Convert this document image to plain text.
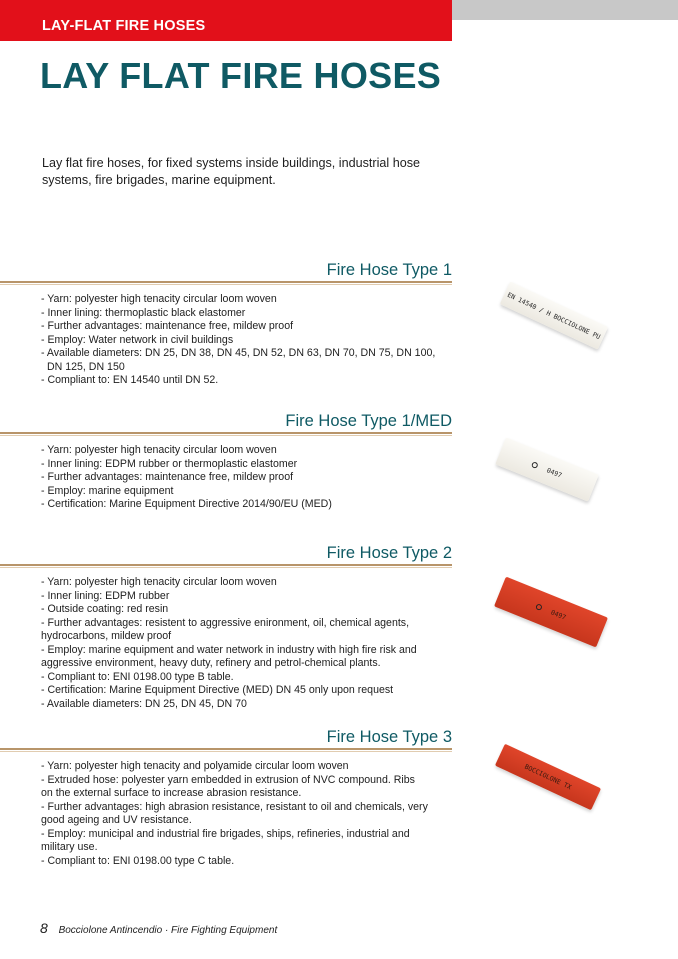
LAY-FLAT FIRE HOSES
LAY FLAT FIRE HOSES
Lay flat fire hoses, for fixed systems inside buildings, industrial hose systems, fire brigades, marine equipment.
Fire Hose Type 1
- Yarn: polyester high tenacity circular loom woven
- Inner lining: thermoplastic black elastomer
- Further advantages: maintenance free, mildew proof
- Employ: Water network in civil buildings
- Available diameters: DN 25, DN 38, DN 45, DN 52, DN 63, DN 70, DN 75, DN 100,
DN 125, DN 150
- Compliant to: EN 14540 until DN 52.
EN 14540 / H BOCCIOLONE PU
Fire Hose Type 1/MED
- Yarn: polyester high tenacity circular loom woven
- Inner lining: EDPM rubber or thermoplastic elastomer
- Further advantages: maintenance free, mildew proof
- Employ: marine equipment
- Certification: Marine Equipment Directive 2014/90/EU (MED)
0497
Fire Hose Type 2
- Yarn: polyester high tenacity circular loom woven
- Inner lining: EDPM rubber
- Outside coating: red resin
- Further advantages: resistent to aggressive enironment, oil, chemical agents,
hydrocarbons, mildew proof
- Employ: marine equipment and water network in industry with high fire risk and
aggressive environment, heavy duty, refinery and petrol-chemical plants.
- Compliant to: ENI 0198.00 type B table.
- Certification: Marine Equipment Directive (MED) DN 45 only upon request
- Available diameters: DN 25, DN 45, DN 70
0497
Fire Hose Type 3
- Yarn: polyester high tenacity and polyamide circular loom woven
- Extruded hose: polyester yarn embedded in extrusion of NVC compound. Ribs
on the external surface to increase abrasion resistance.
- Further advantages: high abrasion resistance, resistant to oil and chemicals, very
good ageing and UV resistance.
- Employ: municipal and industrial fire brigades, ships, refineries, industrial and
military use.
- Compliant to: ENI 0198.00 type C table.
BOCCIOLONE TX
8 Bocciolone Antincendio · Fire Fighting Equipment
